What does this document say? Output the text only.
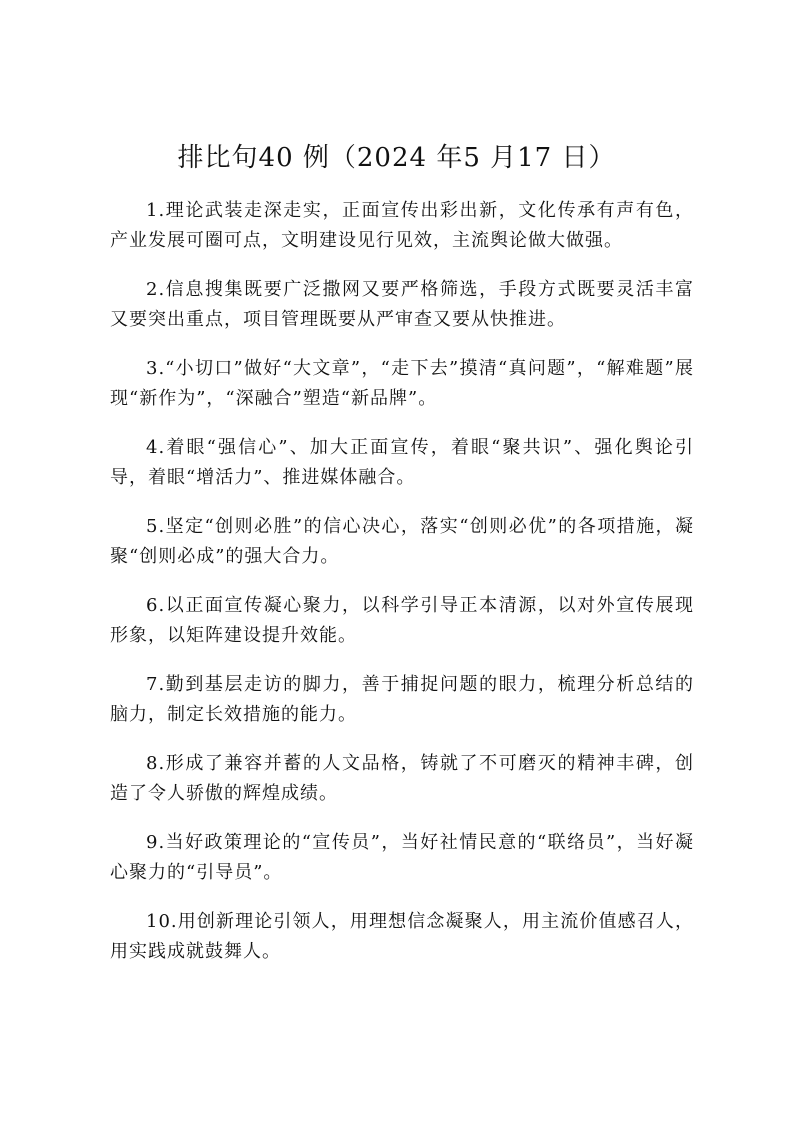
排比句40 例（2024 年5 月17 日）

1.理论武装走深走实，正面宣传出彩出新，文化传承有声有色，产业发展可圈可点，文明建设见行见效，主流舆论做大做强。

2.信息搜集既要广泛撒网又要严格筛选，手段方式既要灵活丰富又要突出重点，项目管理既要从严审查又要从快推进。

3.“小切口”做好“大文章”，“走下去”摸清“真问题”，“解难题”展现“新作为”，“深融合”塑造“新品牌”。

4.着眼“强信心”、加大正面宣传，着眼“聚共识”、强化舆论引导，着眼“增活力”、推进媒体融合。

5.坚定“创则必胜”的信心决心，落实“创则必优”的各项措施，凝聚“创则必成”的强大合力。

6.以正面宣传凝心聚力，以科学引导正本清源，以对外宣传展现形象，以矩阵建设提升效能。

7.勤到基层走访的脚力，善于捕捉问题的眼力，梳理分析总结的脑力，制定长效措施的能力。

8.形成了兼容并蓄的人文品格，铸就了不可磨灭的精神丰碑，创造了令人骄傲的辉煌成绩。

9.当好政策理论的“宣传员”，当好社情民意的“联络员”，当好凝心聚力的“引导员”。

10.用创新理论引领人，用理想信念凝聚人，用主流价值感召人，用实践成就鼓舞人。
